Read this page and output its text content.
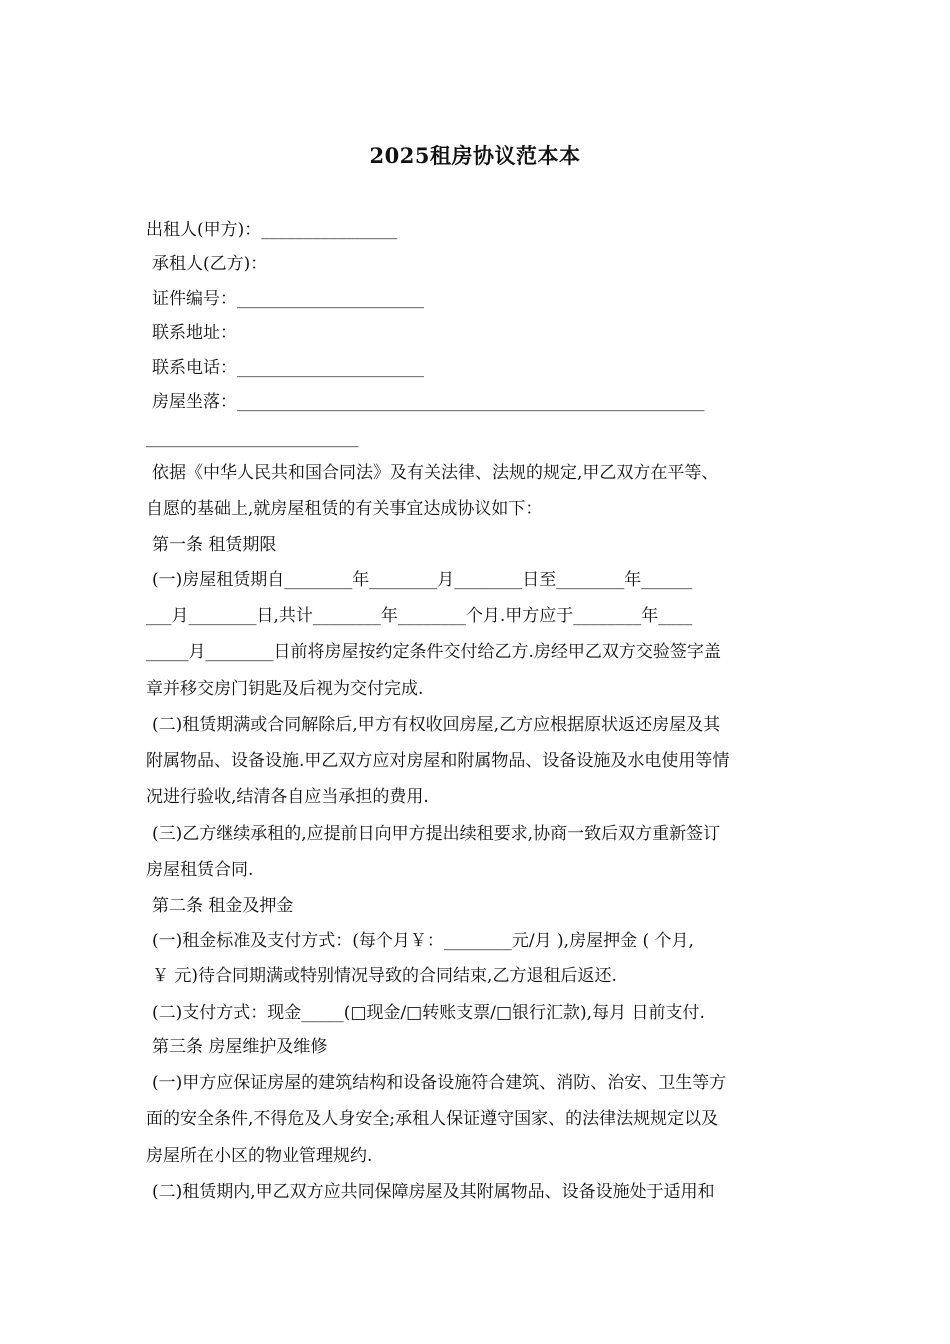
2025租房协议范本本
出租人(甲方)：________________
承租人(乙方)：
证件编号：______________________
联系地址：
联系电话：______________________
房屋坐落：_______________________________________________________
_________________________
依据《中华人民共和国合同法》及有关法律、法规的规定,甲乙双方在平等、
自愿的基础上,就房屋租赁的有关事宜达成协议如下：
第一条 租赁期限
(一)房屋租赁期自________年________月________日至________年______
___月________日,共计________年________个月.甲方应于________年____
_____月________日前将房屋按约定条件交付给乙方.房经甲乙双方交验签字盖
章并移交房门钥匙及后视为交付完成.
(二)租赁期满或合同解除后,甲方有权收回房屋,乙方应根据原状返还房屋及其
附属物品、设备设施.甲乙双方应对房屋和附属物品、设备设施及水电使用等情
况进行验收,结清各自应当承担的费用.
(三)乙方继续承租的,应提前日向甲方提出续租要求,协商一致后双方重新签订
房屋租赁合同.
第二条 租金及押金
(一)租金标准及支付方式：(每个月￥：________元/月 ),房屋押金 ( 个月,
￥ 元)待合同期满或特别情况导致的合同结束,乙方退租后返还.
(二)支付方式：现金_____(□现金/□转账支票/□银行汇款),每月 日前支付.
第三条 房屋维护及维修
(一)甲方应保证房屋的建筑结构和设备设施符合建筑、消防、治安、卫生等方
面的安全条件,不得危及人身安全;承租人保证遵守国家、的法律法规规定以及
房屋所在小区的物业管理规约.
(二)租赁期内,甲乙双方应共同保障房屋及其附属物品、设备设施处于适用和
